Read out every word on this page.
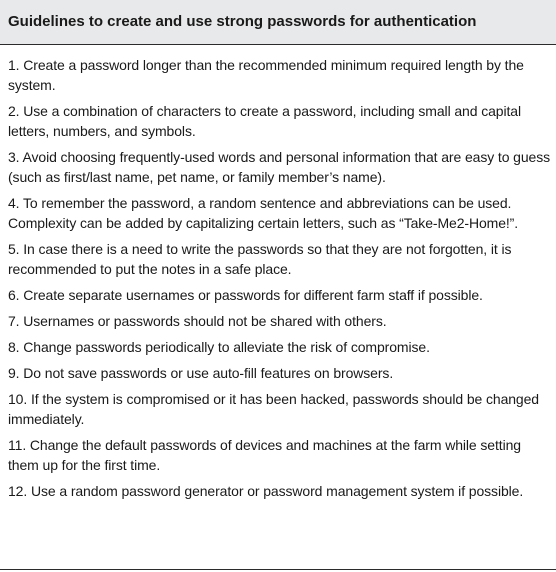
Guidelines to create and use strong passwords for authentication

1. Create a password longer than the recommended minimum required length by the system.

2. Use a combination of characters to create a password, including small and capital letters, numbers, and symbols.

3. Avoid choosing frequently-used words and personal information that are easy to guess (such as first/last name, pet name, or family member’s name).

4. To remember the password, a random sentence and abbreviations can be used. Complexity can be added by capitalizing certain letters, such as “Take-Me2-Home!”.

5. In case there is a need to write the passwords so that they are not forgotten, it is recommended to put the notes in a safe place.

6. Create separate usernames or passwords for different farm staff if possible.

7. Usernames or passwords should not be shared with others.

8. Change passwords periodically to alleviate the risk of compromise.

9. Do not save passwords or use auto-fill features on browsers.

10. If the system is compromised or it has been hacked, passwords should be changed immediately.

11. Change the default passwords of devices and machines at the farm while setting them up for the first time.

12. Use a random password generator or password management system if possible.
